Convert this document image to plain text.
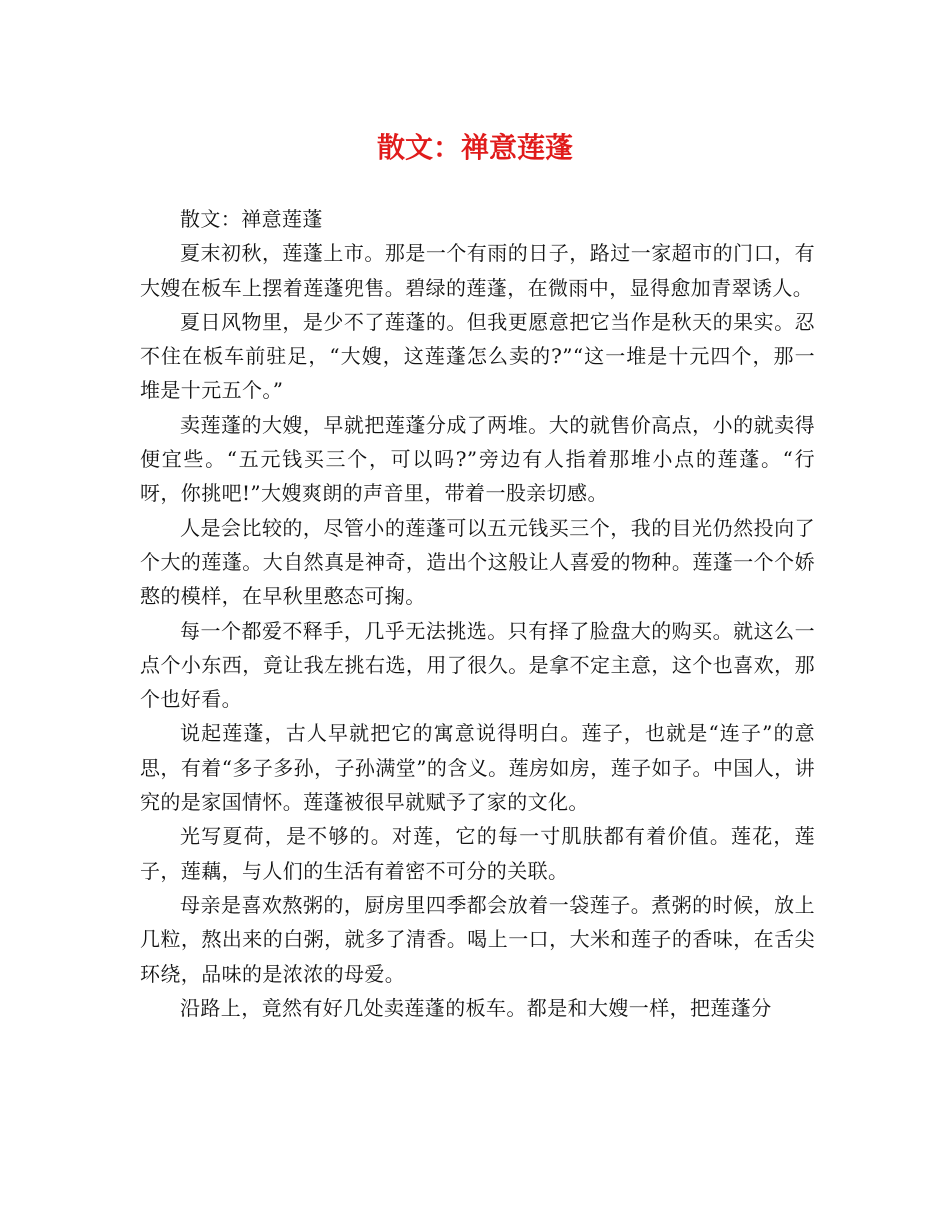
散文：禅意莲蓬

散文：禅意莲蓬

夏末初秋，莲蓬上市。那是一个有雨的日子，路过一家超市的门口，有大嫂在板车上摆着莲蓬兜售。碧绿的莲蓬，在微雨中，显得愈加青翠诱人。

夏日风物里，是少不了莲蓬的。但我更愿意把它当作是秋天的果实。忍不住在板车前驻足，“大嫂，这莲蓬怎么卖的?”“这一堆是十元四个，那一堆是十元五个。”

卖莲蓬的大嫂，早就把莲蓬分成了两堆。大的就售价高点，小的就卖得便宜些。“五元钱买三个，可以吗?”旁边有人指着那堆小点的莲蓬。“行呀，你挑吧!”大嫂爽朗的声音里，带着一股亲切感。

人是会比较的，尽管小的莲蓬可以五元钱买三个，我的目光仍然投向了个大的莲蓬。大自然真是神奇，造出个这般让人喜爱的物种。莲蓬一个个娇憨的模样，在早秋里憨态可掬。

每一个都爱不释手，几乎无法挑选。只有择了脸盘大的购买。就这么一点个小东西，竟让我左挑右选，用了很久。是拿不定主意，这个也喜欢，那个也好看。

说起莲蓬，古人早就把它的寓意说得明白。莲子，也就是“连子”的意思，有着“多子多孙，子孙满堂”的含义。莲房如房，莲子如子。中国人，讲究的是家国情怀。莲蓬被很早就赋予了家的文化。

光写夏荷，是不够的。对莲，它的每一寸肌肤都有着价值。莲花，莲子，莲藕，与人们的生活有着密不可分的关联。

母亲是喜欢熬粥的，厨房里四季都会放着一袋莲子。煮粥的时候，放上几粒，熬出来的白粥，就多了清香。喝上一口，大米和莲子的香味，在舌尖环绕，品味的是浓浓的母爱。

沿路上，竟然有好几处卖莲蓬的板车。都是和大嫂一样，把莲蓬分
